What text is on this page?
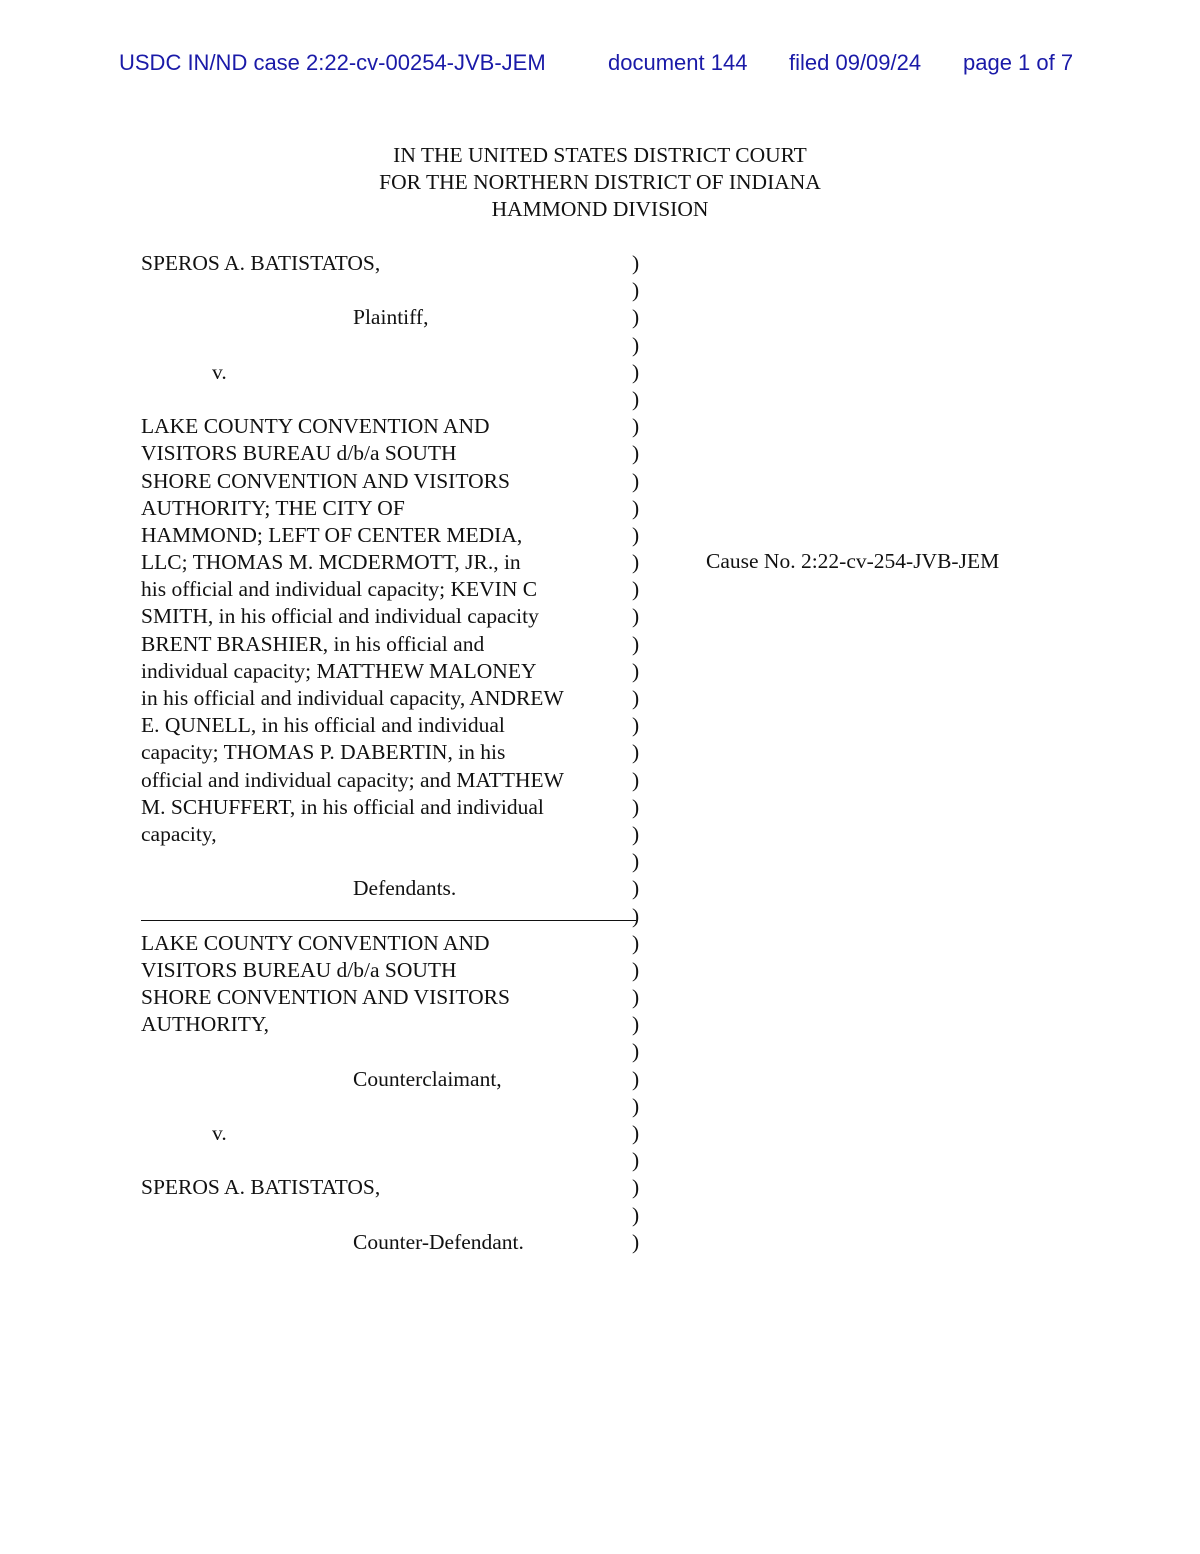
USDC IN/ND case 2:22-cv-00254-JVB-JEM	document 144 filed 09/09/24 page 1 of 7
IN THE UNITED STATES DISTRICT COURT
FOR THE NORTHERN DISTRICT OF INDIANA
HAMMOND DIVISION
SPEROS A. BATISTATOS,
Plaintiff,
v.
LAKE COUNTY CONVENTION AND
VISITORS BUREAU d/b/a SOUTH
SHORE CONVENTION AND VISITORS
AUTHORITY; THE CITY OF
HAMMOND; LEFT OF CENTER MEDIA,
LLC; THOMAS M. MCDERMOTT, JR., in
his official and individual capacity; KEVIN C
SMITH, in his official and individual capacity
BRENT BRASHIER, in his official and
individual capacity; MATTHEW MALONEY
in his official and individual capacity, ANDREW
E. QUNELL, in his official and individual
capacity; THOMAS P. DABERTIN, in his
official and individual capacity; and MATTHEW
M. SCHUFFERT, in his official and individual
capacity,
Defendants.
LAKE COUNTY CONVENTION AND
VISITORS BUREAU d/b/a SOUTH
SHORE CONVENTION AND VISITORS
AUTHORITY,
Counterclaimant,
v.
SPEROS A. BATISTATOS,
Counter-Defendant.
)
)
)
)
)
)
)
)
)
)
)
)
)
)
)
)
)
)
)
)
)
)
)
)
)
)
)
)
)
)
)
)
)
)
)
)
)
Cause No. 2:22-cv-254-JVB-JEM
